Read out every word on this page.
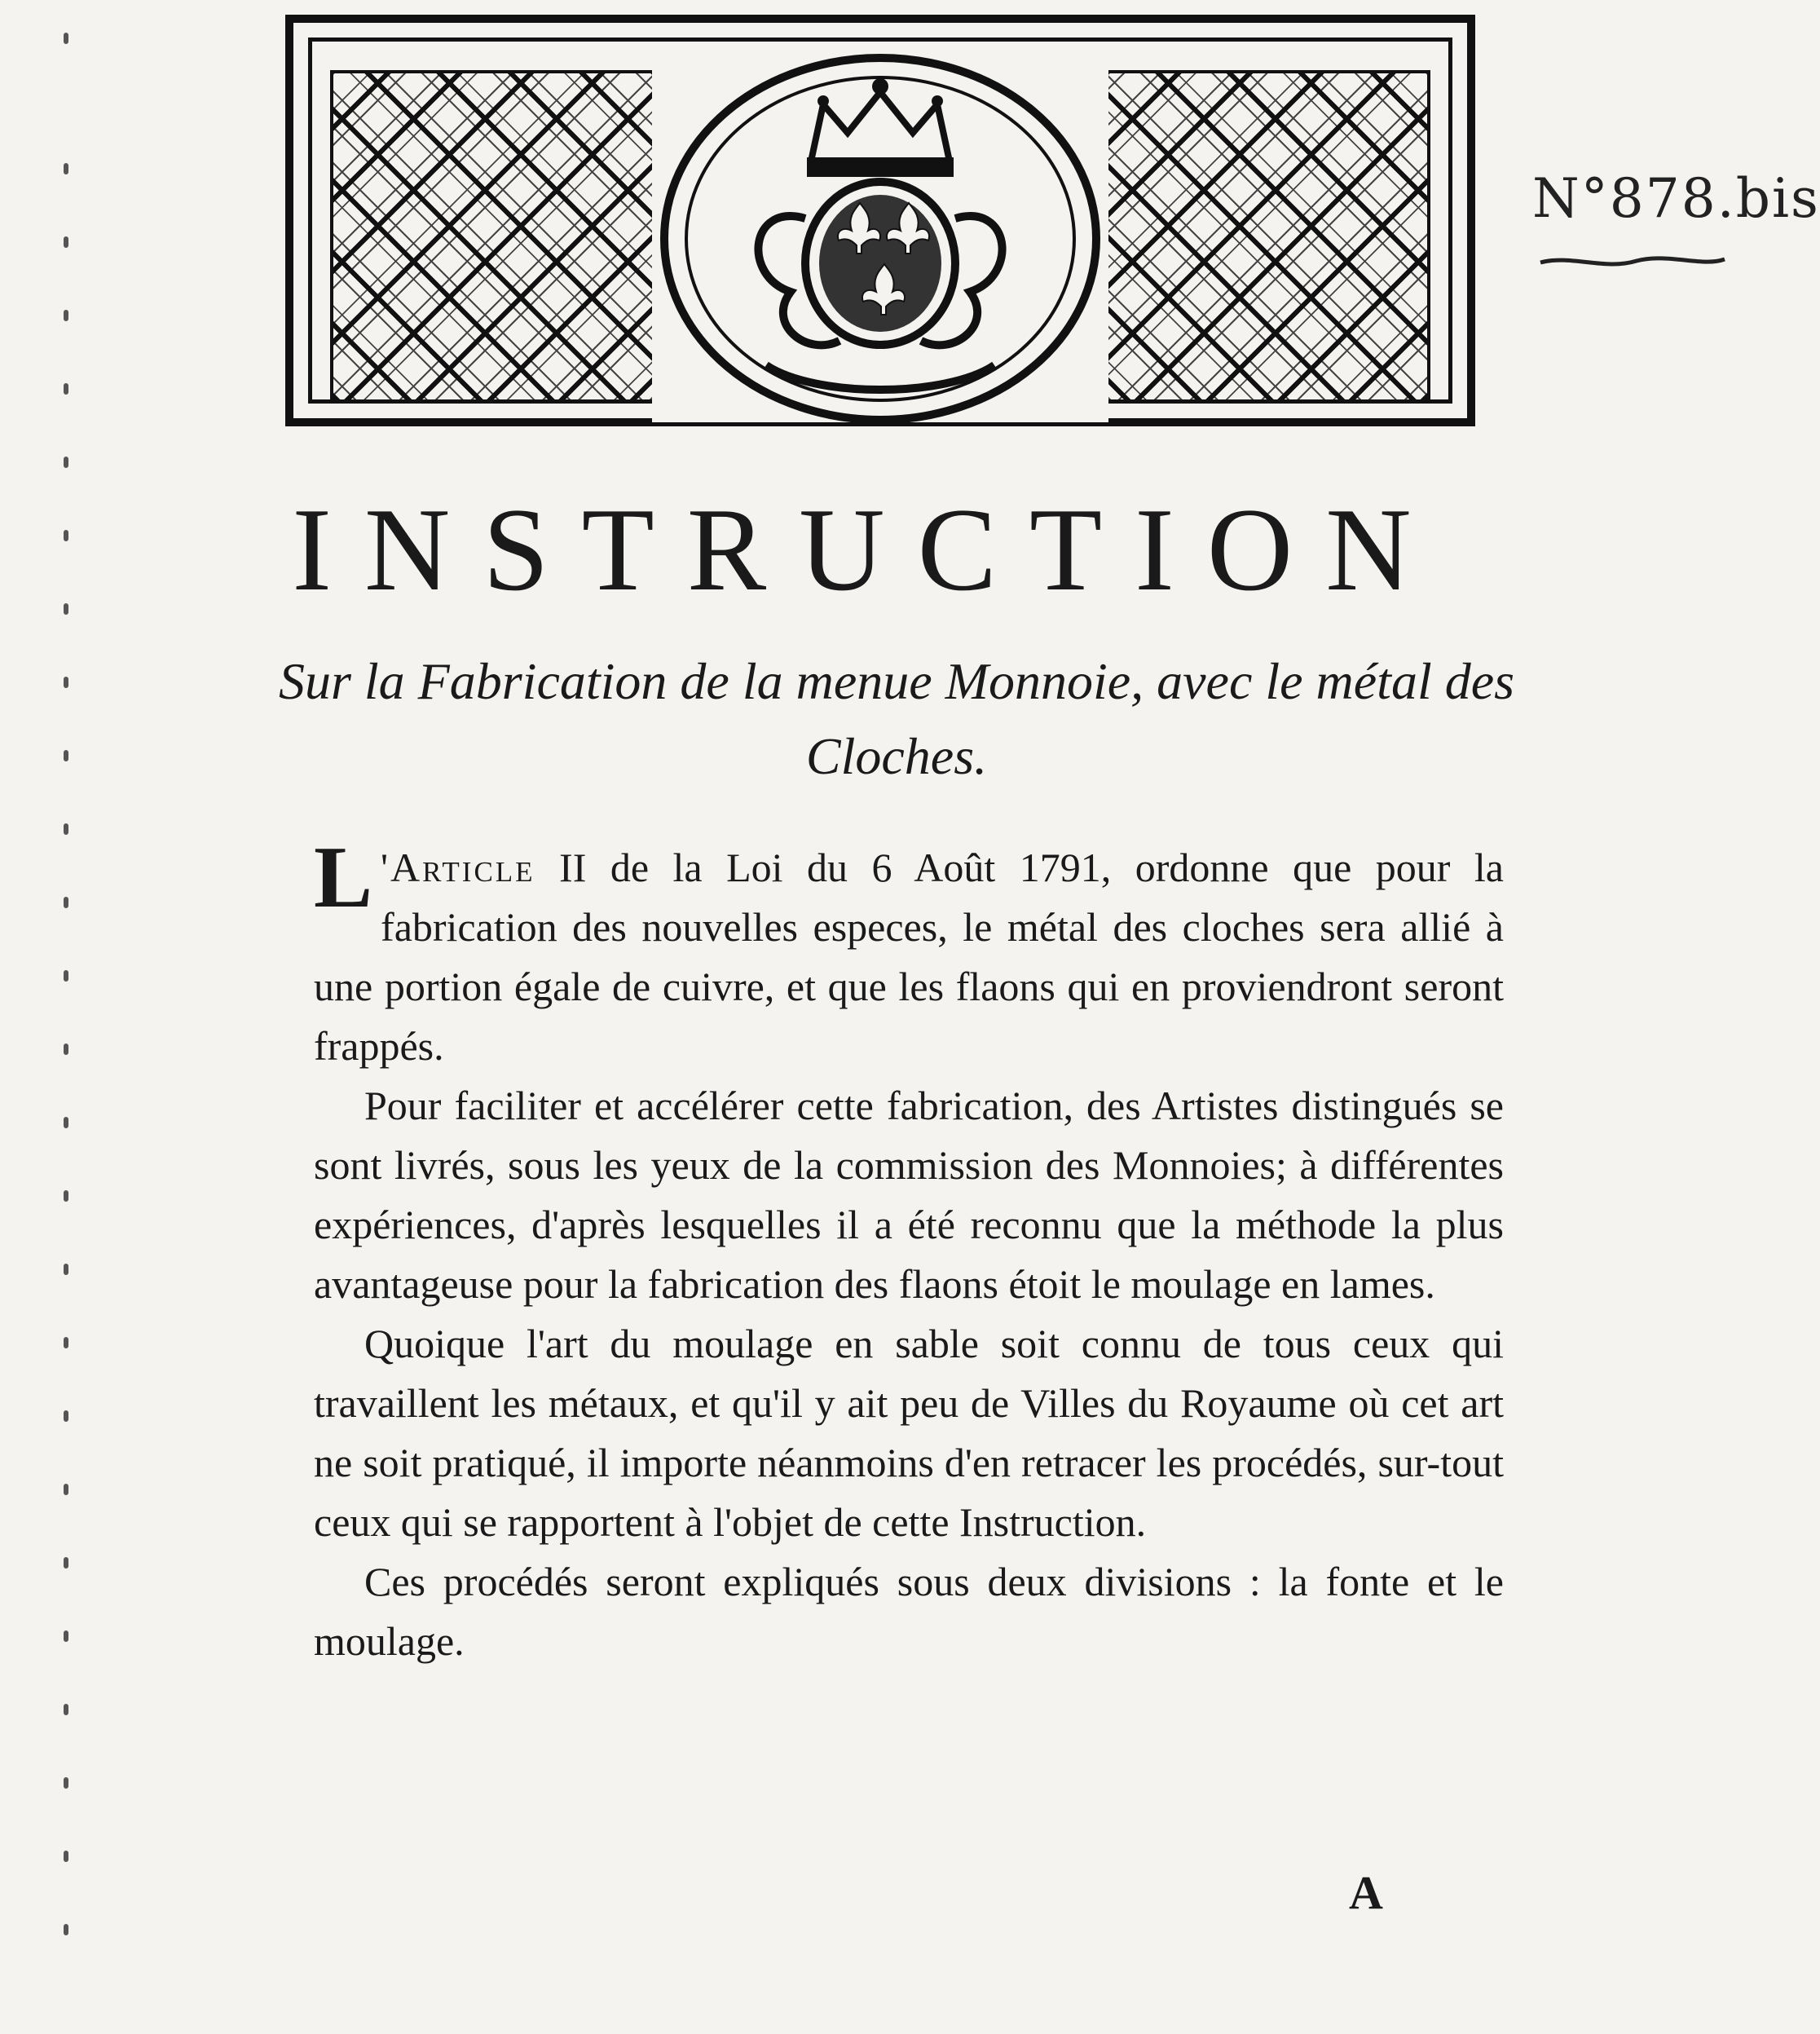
N°878.bis
INSTRUCTION

Sur la Fabrication de la menue Monnoie, avec le métal des Cloches.

L 'Article II de la Loi du 6 Août 1791, ordonne que pour la fabrication des nouvelles especes, le métal des cloches sera allié à une portion égale de cuivre, et que les flaons qui en proviendront seront frappés.

Pour faciliter et accélérer cette fabrication, des Artistes distingués se sont livrés, sous les yeux de la commission des Monnoies; à différentes expériences, d'après lesquelles il a été reconnu que la méthode la plus avantageuse pour la fabrication des flaons étoit le moulage en lames.

Quoique l'art du moulage en sable soit connu de tous ceux qui travaillent les métaux, et qu'il y ait peu de Villes du Royaume où cet art ne soit pratiqué, il importe néanmoins d'en retracer les procédés, sur-tout ceux qui se rapportent à l'objet de cette Instruction.

Ces procédés seront expliqués sous deux divisions : la fonte et le moulage.

A
